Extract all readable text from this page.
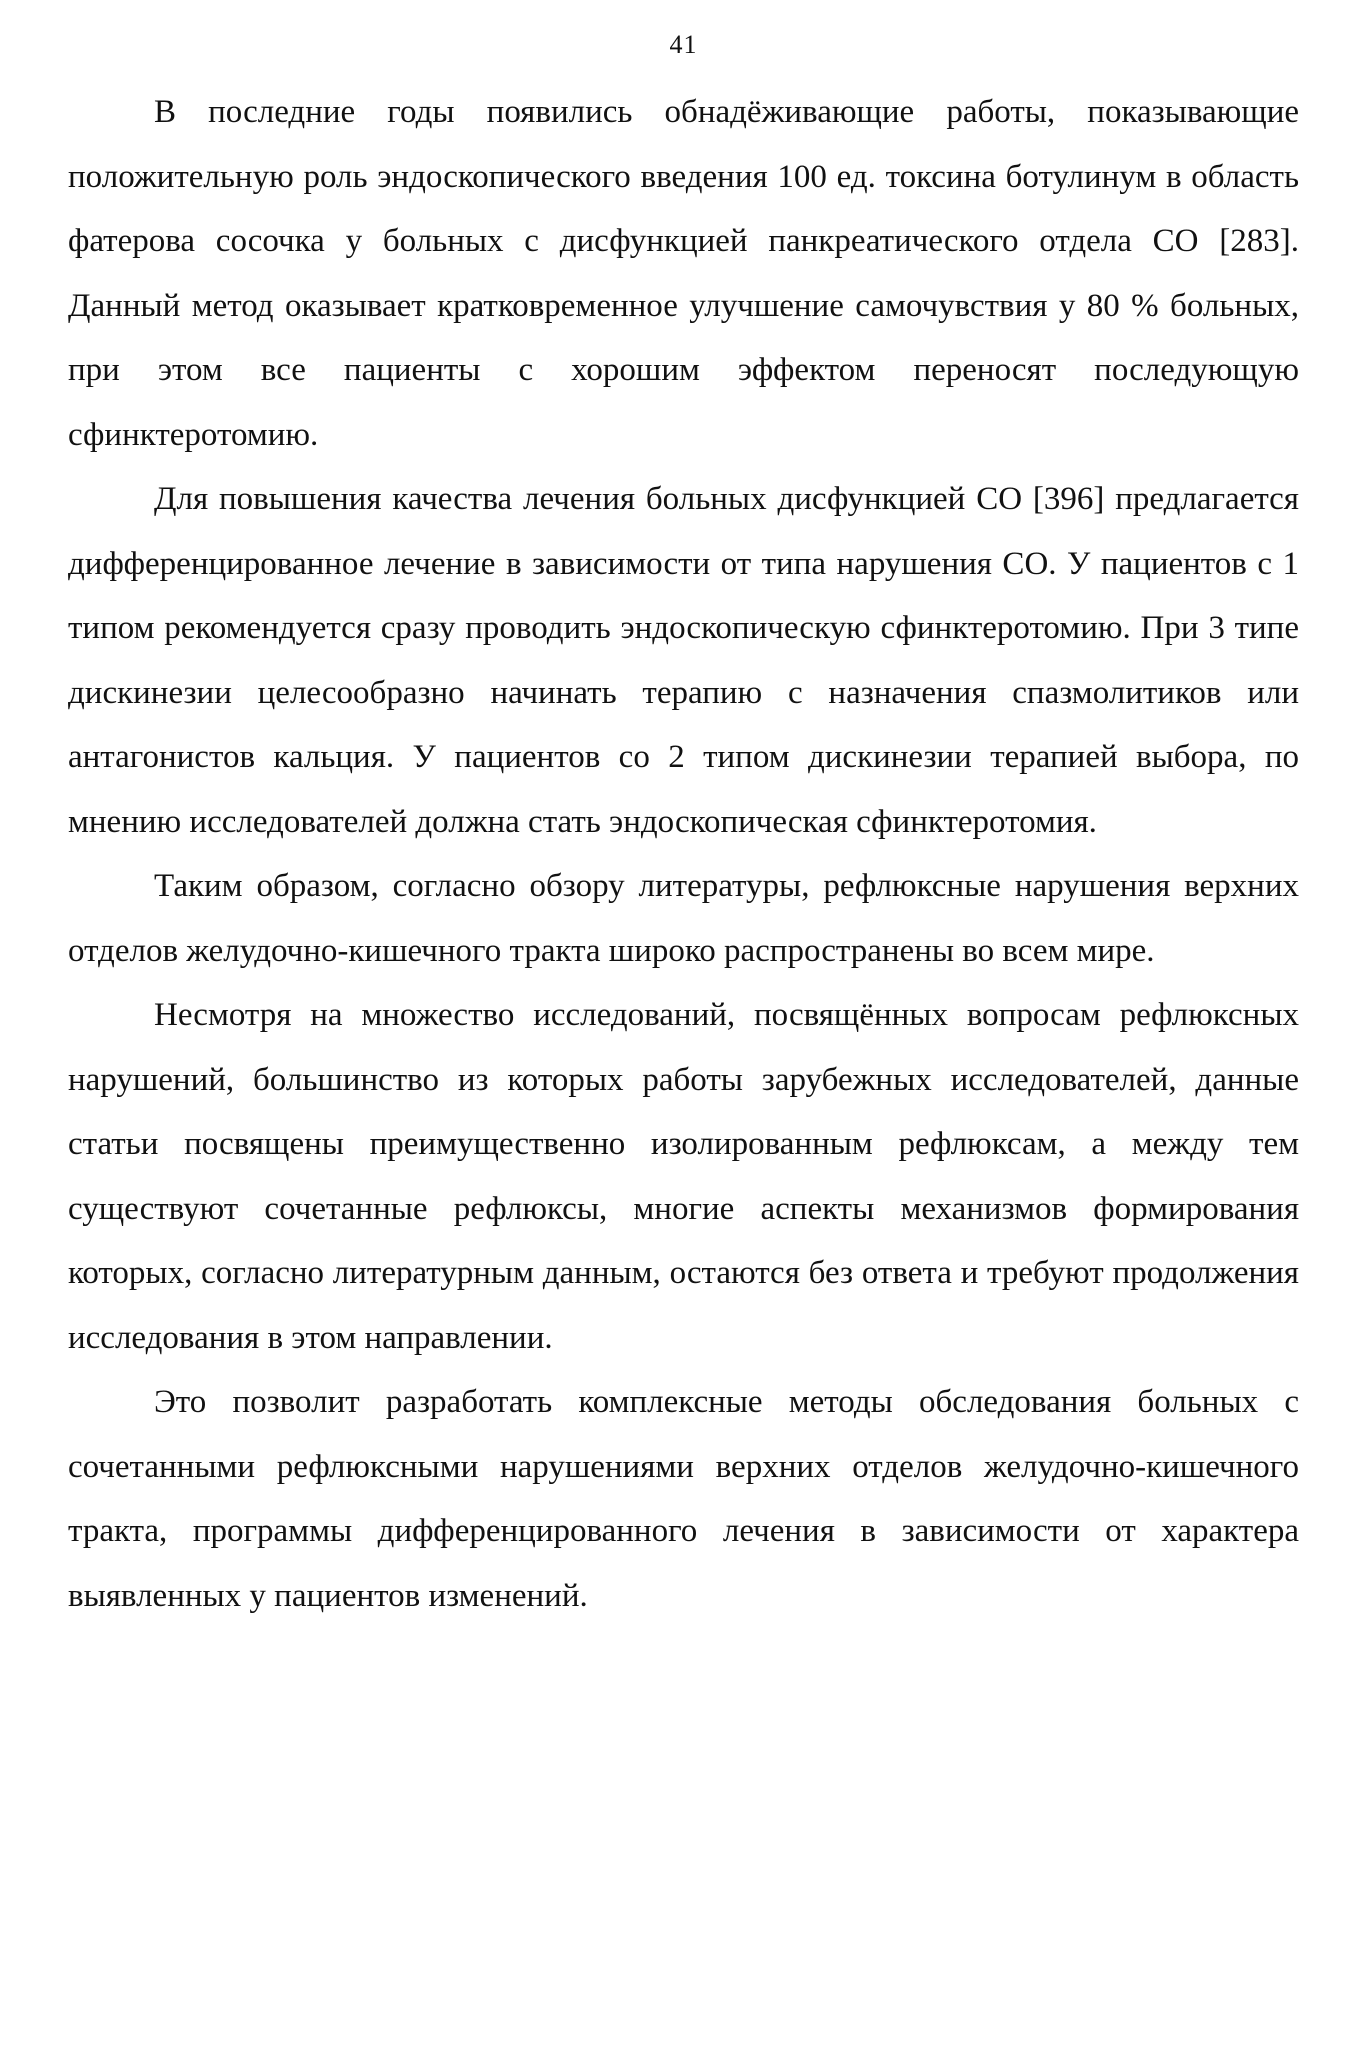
41

В последние годы появились обнадёживающие работы, показывающие положительную роль эндоскопического введения 100 ед. токсина ботулинум в область фатерова сосочка у больных с дисфункцией панкреатического отдела СО [283]. Данный метод оказывает кратковременное улучшение самочувствия у 80 % больных, при этом все пациенты с хорошим эффектом переносят последующую сфинктеротомию.

Для повышения качества лечения больных дисфункцией СО [396] предлагается дифференцированное лечение в зависимости от типа нарушения СО. У пациентов с 1 типом рекомендуется сразу проводить эндоскопическую сфинктеротомию. При 3 типе дискинезии целесообразно начинать терапию с назначения спазмолитиков или антагонистов кальция. У пациентов со 2 типом дискинезии терапией выбора, по мнению исследователей должна стать эндоскопическая сфинктеротомия.

Таким образом, согласно обзору литературы, рефлюксные нарушения верхних отделов желудочно-кишечного тракта широко распространены во всем мире.

Несмотря на множество исследований, посвящённых вопросам рефлюксных нарушений, большинство из которых работы зарубежных исследователей, данные статьи посвящены преимущественно изолированным рефлюксам, а между тем существуют сочетанные рефлюксы, многие аспекты механизмов формирования которых, согласно литературным данным, остаются без ответа и требуют продолжения исследования в этом направлении.

Это позволит разработать комплексные методы обследования больных с сочетанными рефлюксными нарушениями верхних отделов желудочно-кишечного тракта, программы дифференцированного лечения в зависимости от характера выявленных у пациентов изменений.
